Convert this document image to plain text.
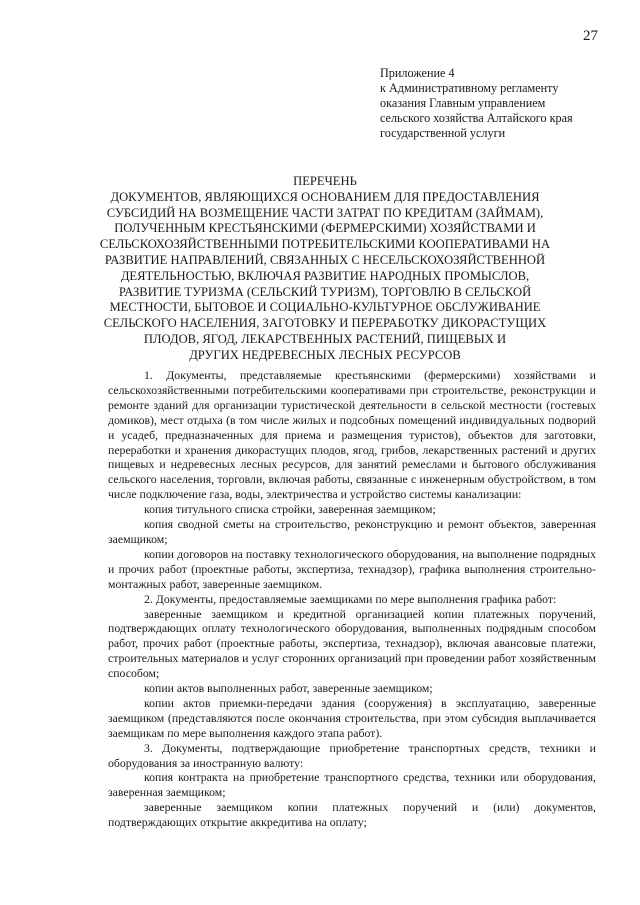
27
Приложение 4
к Административному регламенту
оказания Главным управлением
сельского хозяйства Алтайского края
государственной услуги
ПЕРЕЧЕНЬ
ДОКУМЕНТОВ, ЯВЛЯЮЩИХСЯ ОСНОВАНИЕМ ДЛЯ ПРЕДОСТАВЛЕНИЯ
СУБСИДИЙ НА ВОЗМЕЩЕНИЕ ЧАСТИ ЗАТРАТ ПО КРЕДИТАМ (ЗАЙМАМ),
ПОЛУЧЕННЫМ КРЕСТЬЯНСКИМИ (ФЕРМЕРСКИМИ) ХОЗЯЙСТВАМИ И
СЕЛЬСКОХОЗЯЙСТВЕННЫМИ ПОТРЕБИТЕЛЬСКИМИ КООПЕРАТИВАМИ НА
РАЗВИТИЕ НАПРАВЛЕНИЙ, СВЯЗАННЫХ С НЕСЕЛЬСКОХОЗЯЙСТВЕННОЙ
ДЕЯТЕЛЬНОСТЬЮ, ВКЛЮЧАЯ РАЗВИТИЕ НАРОДНЫХ ПРОМЫСЛОВ,
РАЗВИТИЕ ТУРИЗМА (СЕЛЬСКИЙ ТУРИЗМ), ТОРГОВЛЮ В СЕЛЬСКОЙ
МЕСТНОСТИ, БЫТОВОЕ И СОЦИАЛЬНО-КУЛЬТУРНОЕ ОБСЛУЖИВАНИЕ
СЕЛЬСКОГО НАСЕЛЕНИЯ, ЗАГОТОВКУ И ПЕРЕРАБОТКУ ДИКОРАСТУЩИХ
ПЛОДОВ, ЯГОД, ЛЕКАРСТВЕННЫХ РАСТЕНИЙ, ПИЩЕВЫХ И
ДРУГИХ НЕДРЕВЕСНЫХ ЛЕСНЫХ РЕСУРСОВ

1. Документы, представляемые крестьянскими (фермерскими) хозяйствами и сельскохозяйственными потребительскими кооперативами при строительстве, реконструкции и ремонте зданий для организации туристической деятельности в сельской местности (гостевых домиков), мест отдыха (в том числе жилых и подсобных помещений индивидуальных подворий и усадеб, предназначенных для приема и размещения туристов), объектов для заготовки, переработки и хранения дикорастущих плодов, ягод, грибов, лекарственных растений и других пищевых и недревесных лесных ресурсов, для занятий ремеслами и бытового обслуживания сельского населения, торговли, включая работы, связанные с инженерным обустройством, в том числе подключение газа, воды, электричества и устройство системы канализации:

копия титульного списка стройки, заверенная заемщиком;

копия сводной сметы на строительство, реконструкцию и ремонт объектов, заверенная заемщиком;

копии договоров на поставку технологического оборудования, на выполнение подрядных и прочих работ (проектные работы, экспертиза, технадзор), графика выполнения строительно-монтажных работ, заверенные заемщиком.

2. Документы, предоставляемые заемщиками по мере выполнения графика работ:

заверенные заемщиком и кредитной организацией копии платежных поручений, подтверждающих оплату технологического оборудования, выполненных подрядным способом работ, прочих работ (проектные работы, экспертиза, технадзор), включая авансовые платежи, строительных материалов и услуг сторонних организаций при проведении работ хозяйственным способом;

копии актов выполненных работ, заверенные заемщиком;

копии актов приемки-передачи здания (сооружения) в эксплуатацию, заверенные заемщиком (представляются после окончания строительства, при этом субсидия выплачивается заемщикам по мере выполнения каждого этапа работ).

3. Документы, подтверждающие приобретение транспортных средств, техники и оборудования за иностранную валюту:

копия контракта на приобретение транспортного средства, техники или оборудования, заверенная заемщиком;

заверенные заемщиком копии платежных поручений и (или) документов, подтверждающих открытие аккредитива на оплату;
